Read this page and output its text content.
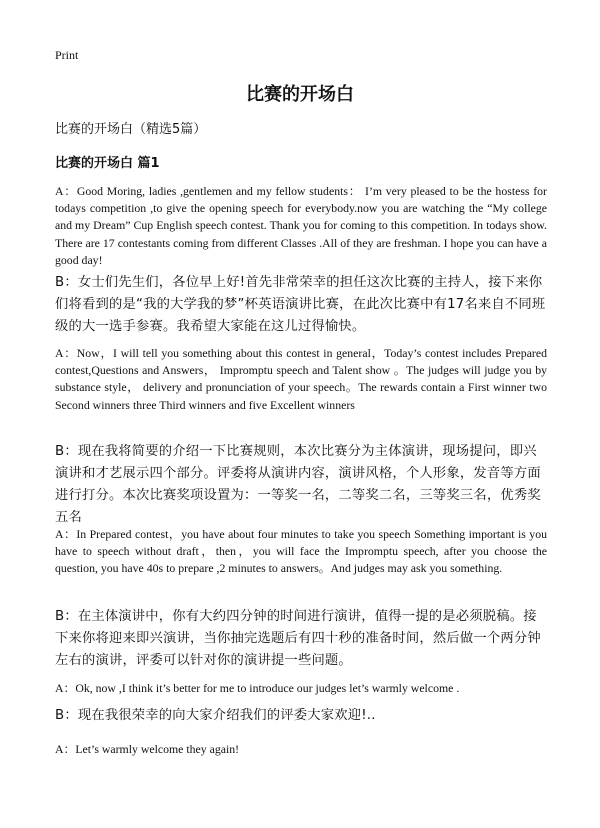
Print
比赛的开场白
比赛的开场白（精选5篇）
比赛的开场白 篇1

A：Good Moring, ladies ,gentlemen and my fellow students： I’m very pleased to be the hostess for todays competition ,to give the opening speech for everybody.now you are watching the “My college and my Dream” Cup English speech contest. Thank you for coming to this competition. In todays show. There are 17 contestants coming from different Classes .All of they are freshman. I hope you can have a good day!

B：女士们先生们，各位早上好!首先非常荣幸的担任这次比赛的主持人，接下来你们将看到的是“我的大学我的梦”杯英语演讲比赛，在此次比赛中有17名来自不同班级的大一选手参赛。我希望大家能在这儿过得愉快。

A：Now，I will tell you something about this contest in general，Today’s contest includes Prepared contest,Questions and Answers， Impromptu speech and Talent show 。The judges will judge you by substance style， delivery and pronunciation of your speech。The rewards contain a First winner two Second winners three Third winners and five Excellent winners

B：现在我将简要的介绍一下比赛规则，本次比赛分为主体演讲，现场提问，即兴演讲和才艺展示四个部分。评委将从演讲内容，演讲风格，个人形象，发音等方面进行打分。本次比赛奖项设置为：一等奖一名，二等奖二名，三等奖三名，优秀奖五名

A：In Prepared contest，you have about four minutes to take you speech Something important is you have to speech without draft，then，you will face the Impromptu speech, after you choose the question, you have 40s to prepare ,2 minutes to answers。And judges may ask you something.

B：在主体演讲中，你有大约四分钟的时间进行演讲，值得一提的是必须脱稿。接下来你将迎来即兴演讲，当你抽完选题后有四十秒的准备时间，然后做一个两分钟左右的演讲，评委可以针对你的演讲提一些问题。

A：Ok, now ,I think it’s better for me to introduce our judges let’s warmly welcome .

B：现在我很荣幸的向大家介绍我们的评委大家欢迎!..

A：Let’s warmly welcome they again!
